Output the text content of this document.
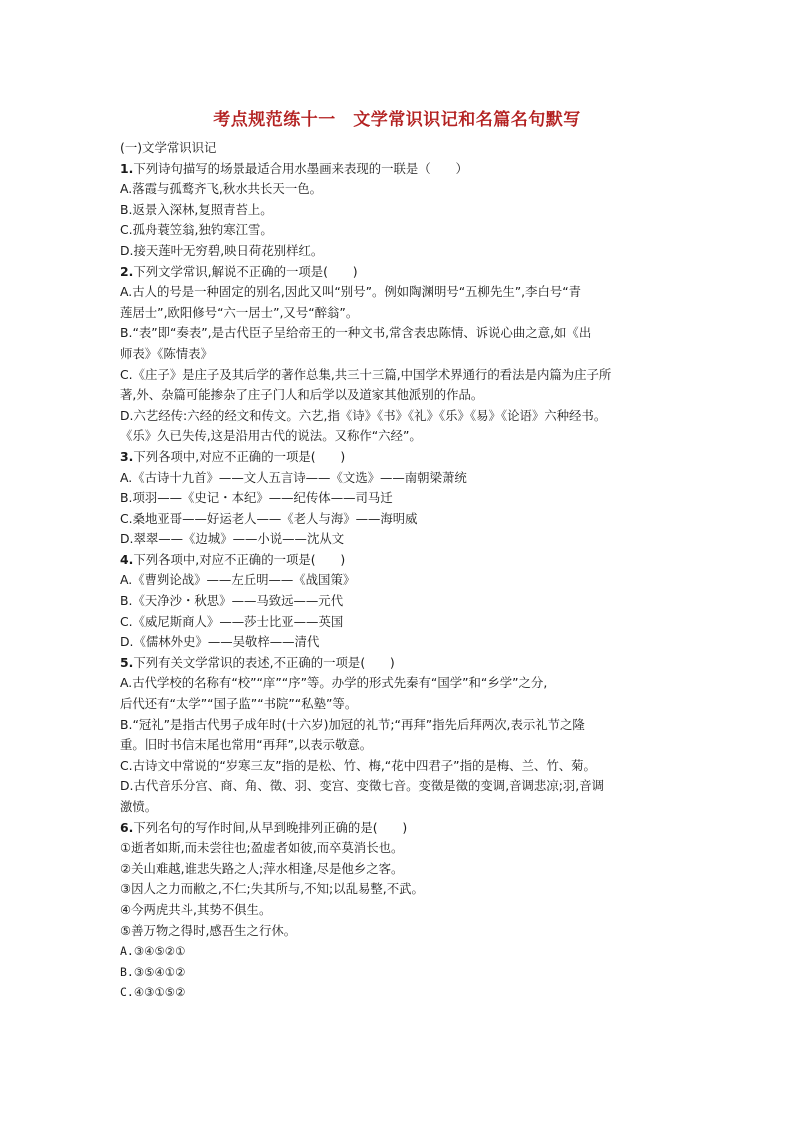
考点规范练十一　文学常识识记和名篇名句默写
(一)文学常识识记
1.下列诗句描写的场景最适合用水墨画来表现的一联是（　　）
A.落霞与孤鹜齐飞,秋水共长天一色。
B.返景入深林,复照青苔上。
C.孤舟蓑笠翁,独钓寒江雪。
D.接天莲叶无穷碧,映日荷花别样红。
2.下列文学常识,解说不正确的一项是(　　)
A.古人的号是一种固定的别名,因此又叫“别号”。例如陶渊明号“五柳先生”,李白号“青
莲居士”,欧阳修号“六一居士”,又号“醉翁”。
B.“表”即“奏表”,是古代臣子呈给帝王的一种文书,常含表忠陈情、诉说心曲之意,如《出
师表》《陈情表》
C.《庄子》是庄子及其后学的著作总集,共三十三篇,中国学术界通行的看法是内篇为庄子所
著,外、杂篇可能掺杂了庄子门人和后学以及道家其他派别的作品。
D.六艺经传:六经的经文和传文。六艺,指《诗》《书》《礼》《乐》《易》《论语》六种经书。
《乐》久已失传,这是沿用古代的说法。又称作“六经”。
3.下列各项中,对应不正确的一项是(　　)
A.《古诗十九首》——文人五言诗——《文选》——南朝梁萧统
B.项羽——《史记・本纪》——纪传体——司马迁
C.桑地亚哥——好运老人——《老人与海》——海明威
D.翠翠——《边城》——小说——沈从文
4.下列各项中,对应不正确的一项是(　　)
A.《曹刿论战》——左丘明——《战国策》
B.《天净沙・秋思》——马致远——元代
C.《威尼斯商人》——莎士比亚——英国
D.《儒林外史》——吴敬梓——清代
5.下列有关文学常识的表述,不正确的一项是(　　)
A.古代学校的名称有“校”“庠”“序”等。办学的形式先秦有“国学”和“乡学”之分,
后代还有“太学”“国子监”“书院”“私塾”等。
B.“冠礼”是指古代男子成年时(十六岁)加冠的礼节;“再拜”指先后拜两次,表示礼节之隆
重。旧时书信末尾也常用“再拜”,以表示敬意。
C.古诗文中常说的“岁寒三友”指的是松、竹、梅,“花中四君子”指的是梅、兰、竹、菊。
D.古代音乐分宫、商、角、徵、羽、变宫、变徵七音。变徵是徵的变调,音调悲凉;羽,音调
激愤。
6.下列名句的写作时间,从早到晚排列正确的是(　　)
①逝者如斯,而未尝往也;盈虚者如彼,而卒莫消长也。
②关山难越,谁悲失路之人;萍水相逢,尽是他乡之客。
③因人之力而敝之,不仁;失其所与,不知;以乱易整,不武。
④今两虎共斗,其势不俱生。
⑤善万物之得时,感吾生之行休。
A.③④⑤②①
B.③⑤④①②
C.④③①⑤②
